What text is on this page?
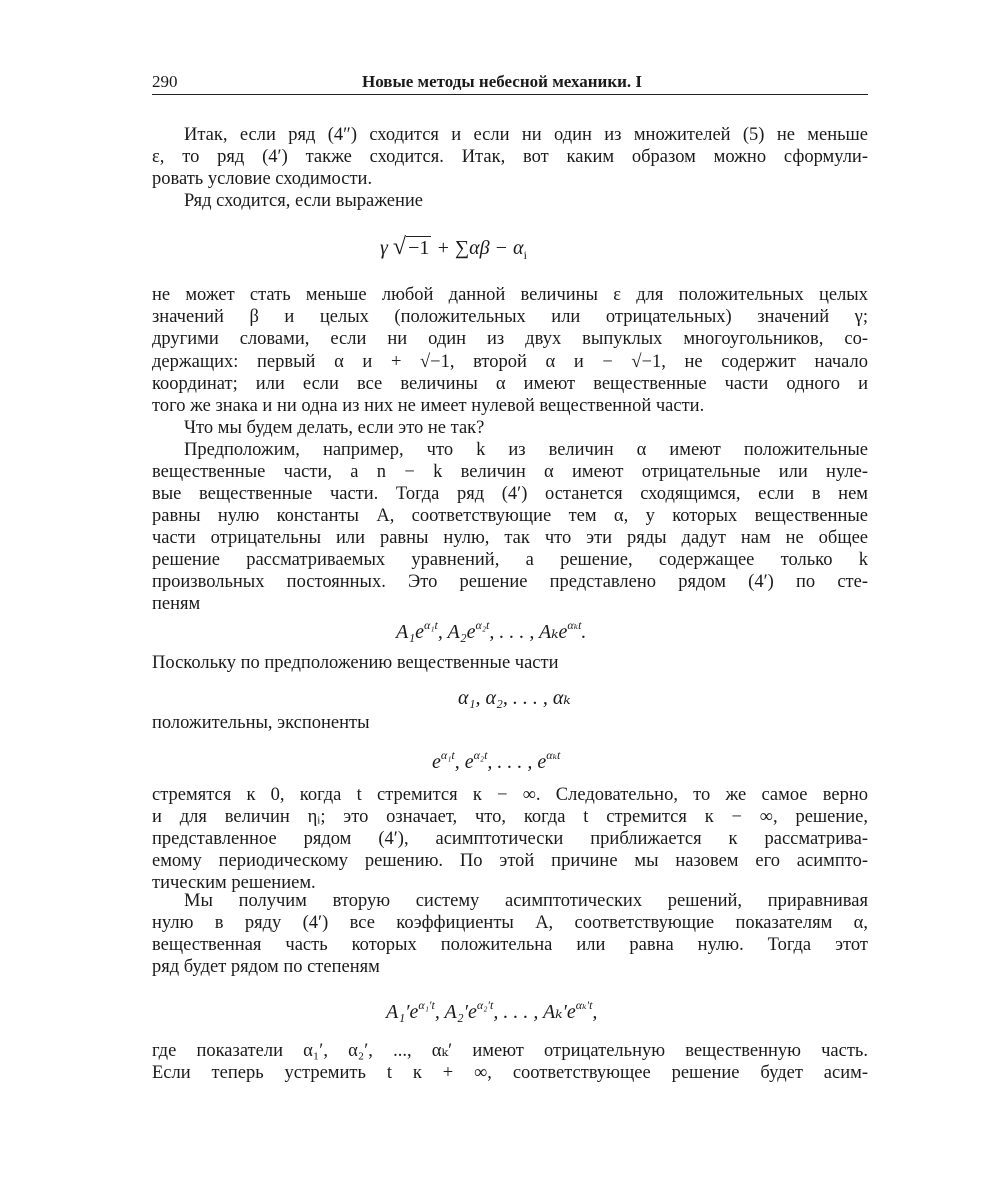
290	Новые методы небесной механики. I
Итак, если ряд (4″) сходится и если ни один из множителей (5) не меньше
ε, то ряд (4′) также сходится. Итак, вот каким образом можно сформули-
ровать условие сходимости.
Ряд сходится, если выражение
γ √ $-1 + \sum\alpha\beta - \alpha_i$
не может стать меньше любой данной величины ε для положительных целых
значений β и целых (положительных или отрицательных) значений γ;
другими словами, если ни один из двух выпуклых многоугольников, со-
держащих: первый α и + √−1, второй α и − √−1, не содержит начало
координат; или если все величины α имеют вещественные части одного и
того же знака и ни одна из них не имеет нулевой вещественной части.
Что мы будем делать, если это не так?
Предположим, например, что k из величин α имеют положительные
вещественные части, а n − k величин α имеют отрицательные или нуле-
вые вещественные части. Тогда ряд (4′) останется сходящимся, если в нем
равны нулю константы A, соответствующие тем α, у которых вещественные
части отрицательны или равны нулю, так что эти ряды дадут нам не общее
решение рассматриваемых уравнений, а решение, содержащее только k
произвольных постоянных. Это решение представлено рядом (4′) по сте-
пеням
$A_1e^{\alpha_1t}$, $A_2e^{\alpha_2t}$, . . . , Aₖe$^{\alpha_kt}$.
Поскольку по предположению вещественные части
α₁, α₂, . . . , αₖ
положительны, экспоненты
$e^{\alpha_1t}$, $e^{\alpha_2t}$, . . . , $e^{\alpha_kt}$
стремятся к 0, когда t стремится к − ∞. Следовательно, то же самое верно
и для величин ηᵢ; это означает, что, когда t стремится к − ∞, решение,
представленное рядом (4′), асимптотически приближается к рассматрива-
емому периодическому решению. По этой причине мы назовем его асимпто-
тическим решением.
Мы получим вторую систему асимптотических решений, приравнивая
нулю в ряду (4′) все коэффициенты A, соответствующие показателям α,
вещественная часть которых положительна или равна нулю. Тогда этот
ряд будет рядом по степеням
$A_1'e^{\alpha_1't}$, $A_2'e^{\alpha_2't}$, . . . , $A_k'e^{\alpha_k't}$,
где показатели α₁′, α₂′, ..., αₖ′ имеют отрицательную вещественную часть.
Если теперь устремить t к + ∞, соответствующее решение будет асим-
